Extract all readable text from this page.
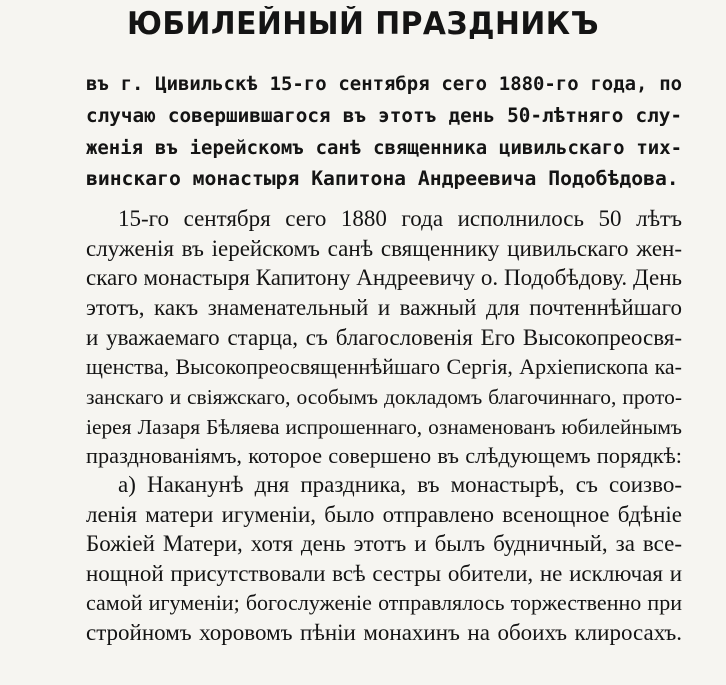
ЮБИЛЕЙНЫЙ ПРАЗДНИКЪ
въ г. Цивильскѣ 15-го сентября сего 1880-го года, по
случаю совершившагося въ этотъ день 50-лѣтняго слу-
женія въ іерейскомъ санѣ священника цивильскаго тих-
винскаго монастыря Капитона Андреевича Подобѣдова.
15-го сентября сего 1880 года исполнилось 50 лѣтъ
служенія въ іерейскомъ санѣ священнику цивильскаго жен-
скаго монастыря Капитону Андреевичу о. Подобѣдову. День
этотъ, какъ знаменательный и важный для почтеннѣйшаго
и уважаемаго старца, съ благословенія Его Высокопреосвя-
щенства, Высокопреосвященнѣйшаго Сергія, Архіепископа ка-
занскаго и свіяжскаго, особымъ докладомъ благочиннаго, прото-
іерея Лазаря Бѣляева испрошеннаго, ознаменованъ юбилейнымъ
празднованіямъ, которое совершено въ слѣдующемъ порядкѣ:
а) Наканунѣ дня праздника, въ монастырѣ, съ соизво-
ленія матери игуменіи, было отправлено всенощное бдѣніе
Божіей Матери, хотя день этотъ и былъ будничный, за все-
нощной присутствовали всѣ сестры обители, не исключая и
самой игуменіи; богослуженіе отправлялось торжественно при
стройномъ хоровомъ пѣніи монахинъ на обоихъ клиросахъ.
